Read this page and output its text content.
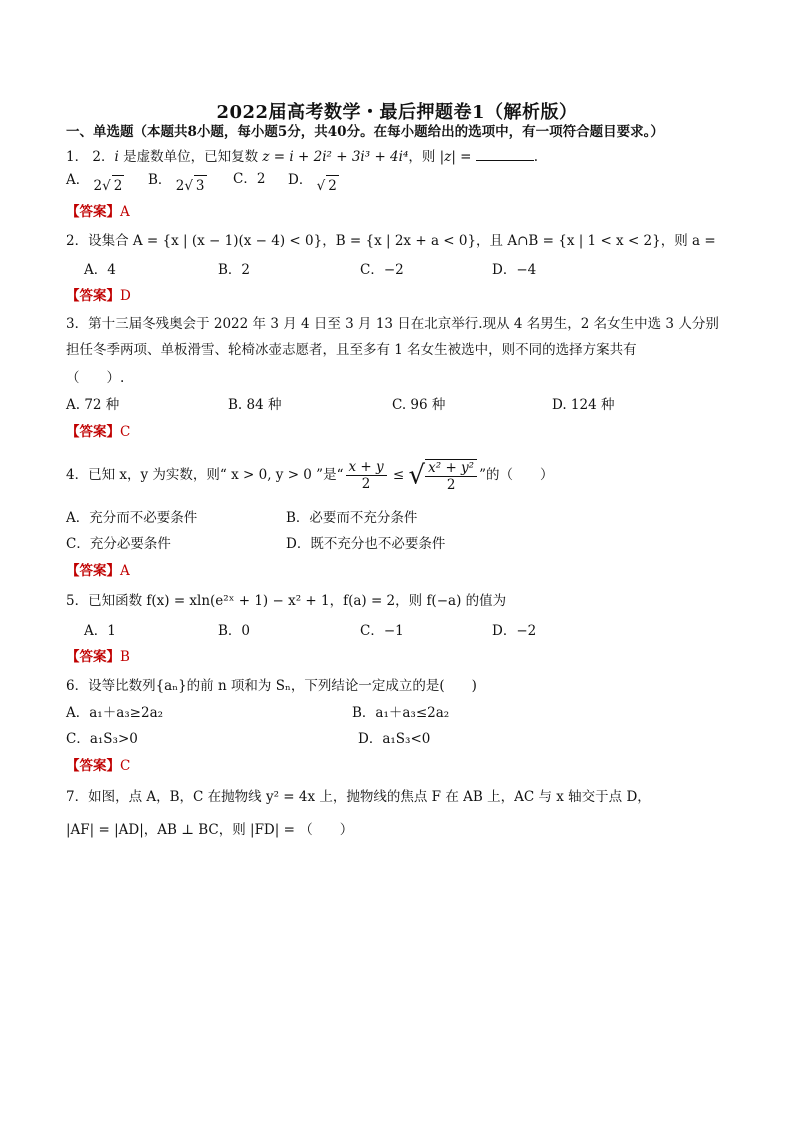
2022届高考数学・最后押题卷1（解析版）
一、单选题（本题共8小题，每小题5分，共40分。在每小题给出的选项中，有一项符合题目要求。）
1． 2．i 是虚数单位，已知复数 z = i + 2i² + 3i³ + 4i⁴，则 |z| =	.
A． 2√ 2 B． 2√ 3 C．2 D． √ 2
【答案】A
2．设集合 A = {x | (x − 1)(x − 4) < 0}，B = {x | 2x + a < 0}，且 A∩B = {x | 1 < x < 2}，则 a =
A．4	B．2	C．−2	D．−4
【答案】D
3．第十三届冬残奥会于 2022 年 3 月 4 日至 3 月 13 日在北京举行.现从 4 名男生，2 名女生中选 3 人分别
担任冬季两项、单板滑雪、轮椅冰壶志愿者，且至多有 1 名女生被选中，则不同的选择方案共有
（　　）.
A. 72 种	B. 84 种	C. 96 种	D. 124 种
【答案】C
4．已知 x，y 为实数，则“ x > 0, y > 0 ”是“ $\frac{x + y}{2}$ ≤ √ $\frac{\text{x² + y²}}{2}$ ”的（　　）
A．充分而不必要条件	B．必要而不充分条件
C．充分必要条件	D．既不充分也不必要条件
【答案】A
5．已知函数 f(x) = xln(e²ˣ + 1) − x² + 1，f(a) = 2，则 f(−a) 的值为
A．1	B．0	C．−1	D．−2
【答案】B
6．设等比数列{aₙ}的前 n 项和为 Sₙ，下列结论一定成立的是(　　)
A．a₁＋a₃≥2a₂	B．a₁＋a₃≤2a₂
C．a₁S₃>0	D．a₁S₃<0
【答案】C
7．如图，点 A，B，C 在抛物线 y² = 4x 上，抛物线的焦点 F 在 AB 上，AC 与 x 轴交于点 D，
|AF| = |AD|，AB ⊥ BC，则 |FD| = （　　）
